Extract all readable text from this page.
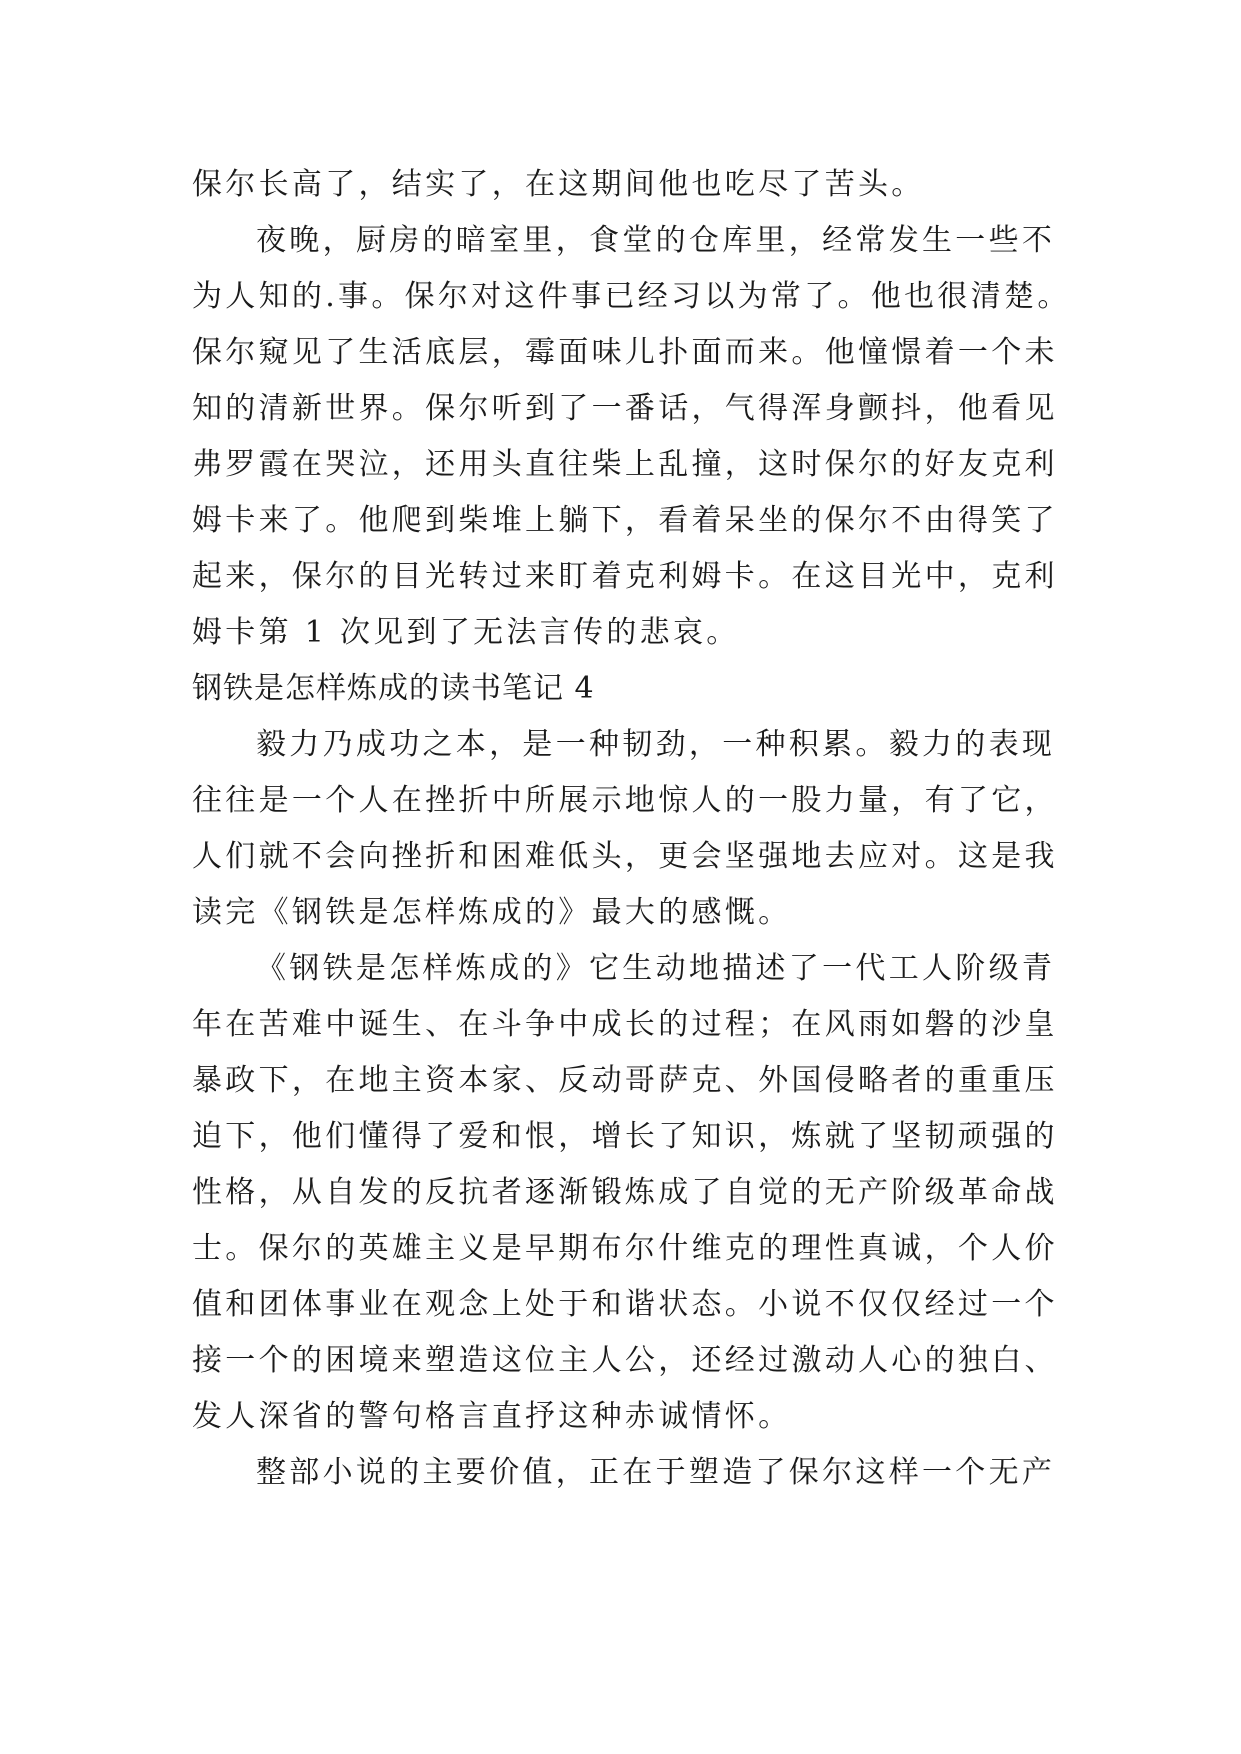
保尔长高了，结实了，在这期间他也吃尽了苦头。

夜晚，厨房的暗室里，食堂的仓库里，经常发生一些不

为人知的.事。保尔对这件事已经习以为常了。他也很清楚。

保尔窥见了生活底层，霉面味儿扑面而来。他憧憬着一个未

知的清新世界。保尔听到了一番话，气得浑身颤抖，他看见

弗罗霞在哭泣，还用头直往柴上乱撞，这时保尔的好友克利

姆卡来了。他爬到柴堆上躺下，看着呆坐的保尔不由得笑了

起来，保尔的目光转过来盯着克利姆卡。在这目光中，克利

姆卡第 1 次见到了无法言传的悲哀。

钢铁是怎样炼成的读书笔记 4

毅力乃成功之本，是一种韧劲，一种积累。毅力的表现

往往是一个人在挫折中所展示地惊人的一股力量，有了它，

人们就不会向挫折和困难低头，更会坚强地去应对。这是我

读完《钢铁是怎样炼成的》最大的感慨。

《钢铁是怎样炼成的》它生动地描述了一代工人阶级青

年在苦难中诞生、在斗争中成长的过程；在风雨如磐的沙皇

暴政下，在地主资本家、反动哥萨克、外国侵略者的重重压

迫下，他们懂得了爱和恨，增长了知识，炼就了坚韧顽强的

性格，从自发的反抗者逐渐锻炼成了自觉的无产阶级革命战

士。保尔的英雄主义是早期布尔什维克的理性真诚，个人价

值和团体事业在观念上处于和谐状态。小说不仅仅经过一个

接一个的困境来塑造这位主人公，还经过激动人心的独白、

发人深省的警句格言直抒这种赤诚情怀。

整部小说的主要价值，正在于塑造了保尔这样一个无产
